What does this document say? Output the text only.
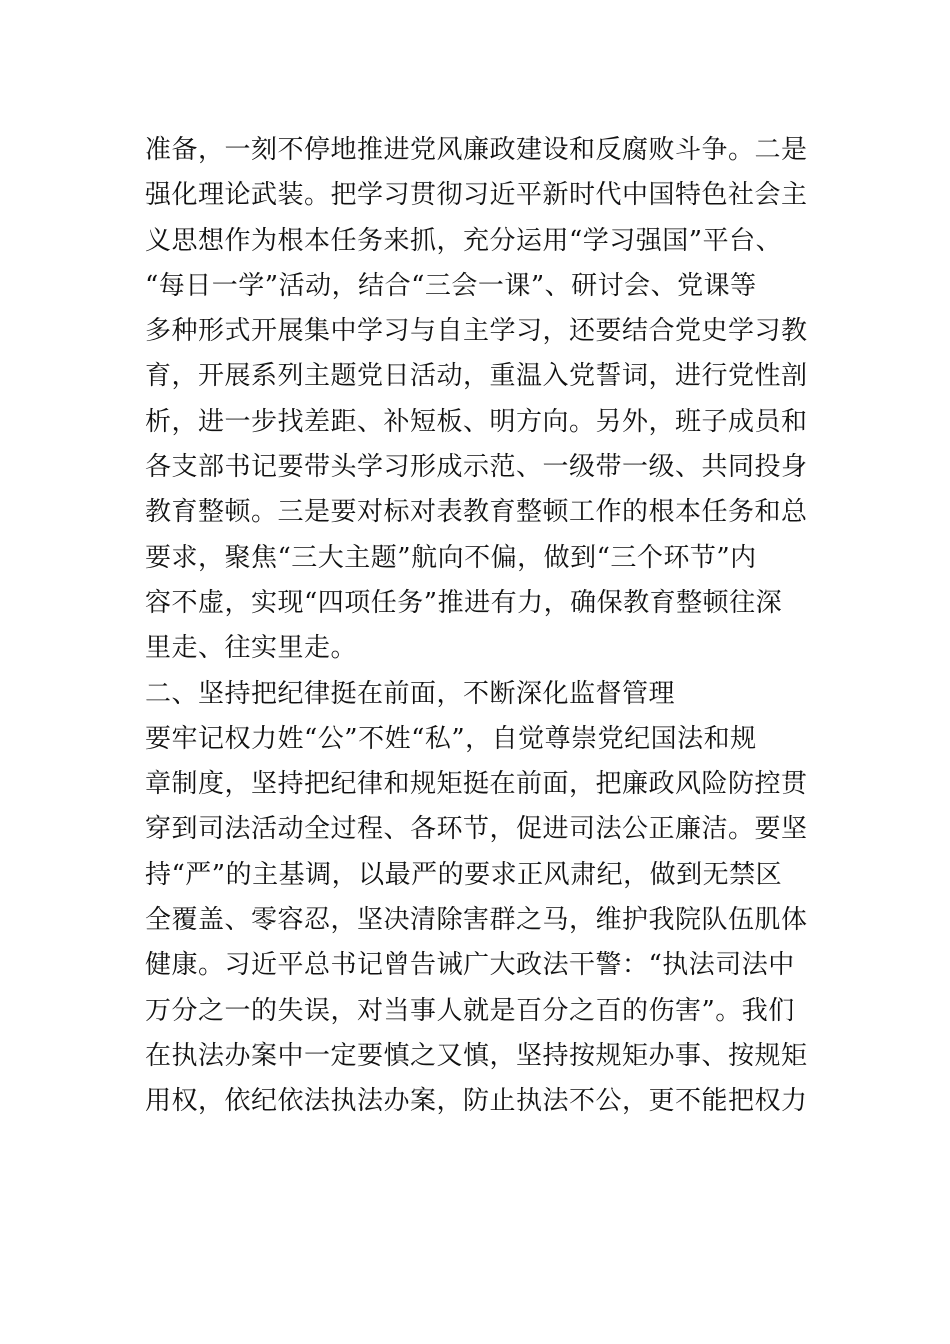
准备，一刻不停地推进党风廉政建设和反腐败斗争。二是
强化理论武装。把学习贯彻习近平新时代中国特色社会主
义思想作为根本任务来抓，充分运用“学习强国”平台、
“每日一学”活动，结合“三会一课”、研讨会、党课等
多种形式开展集中学习与自主学习，还要结合党史学习教
育，开展系列主题党日活动，重温入党誓词，进行党性剖
析，进一步找差距、补短板、明方向。另外，班子成员和
各支部书记要带头学习形成示范、一级带一级、共同投身
教育整顿。三是要对标对表教育整顿工作的根本任务和总
要求，聚焦“三大主题”航向不偏，做到“三个环节”内
容不虚，实现“四项任务”推进有力，确保教育整顿往深
里走、往实里走。
二、坚持把纪律挺在前面，不断深化监督管理
要牢记权力姓“公”不姓“私”，自觉尊崇党纪国法和规
章制度，坚持把纪律和规矩挺在前面，把廉政风险防控贯
穿到司法活动全过程、各环节，促进司法公正廉洁。要坚
持“严”的主基调，以最严的要求正风肃纪，做到无禁区
全覆盖、零容忍，坚决清除害群之马，维护我院队伍肌体
健康。习近平总书记曾告诫广大政法干警：“执法司法中
万分之一的失误，对当事人就是百分之百的伤害”。我们
在执法办案中一定要慎之又慎，坚持按规矩办事、按规矩
用权，依纪依法执法办案，防止执法不公，更不能把权力
